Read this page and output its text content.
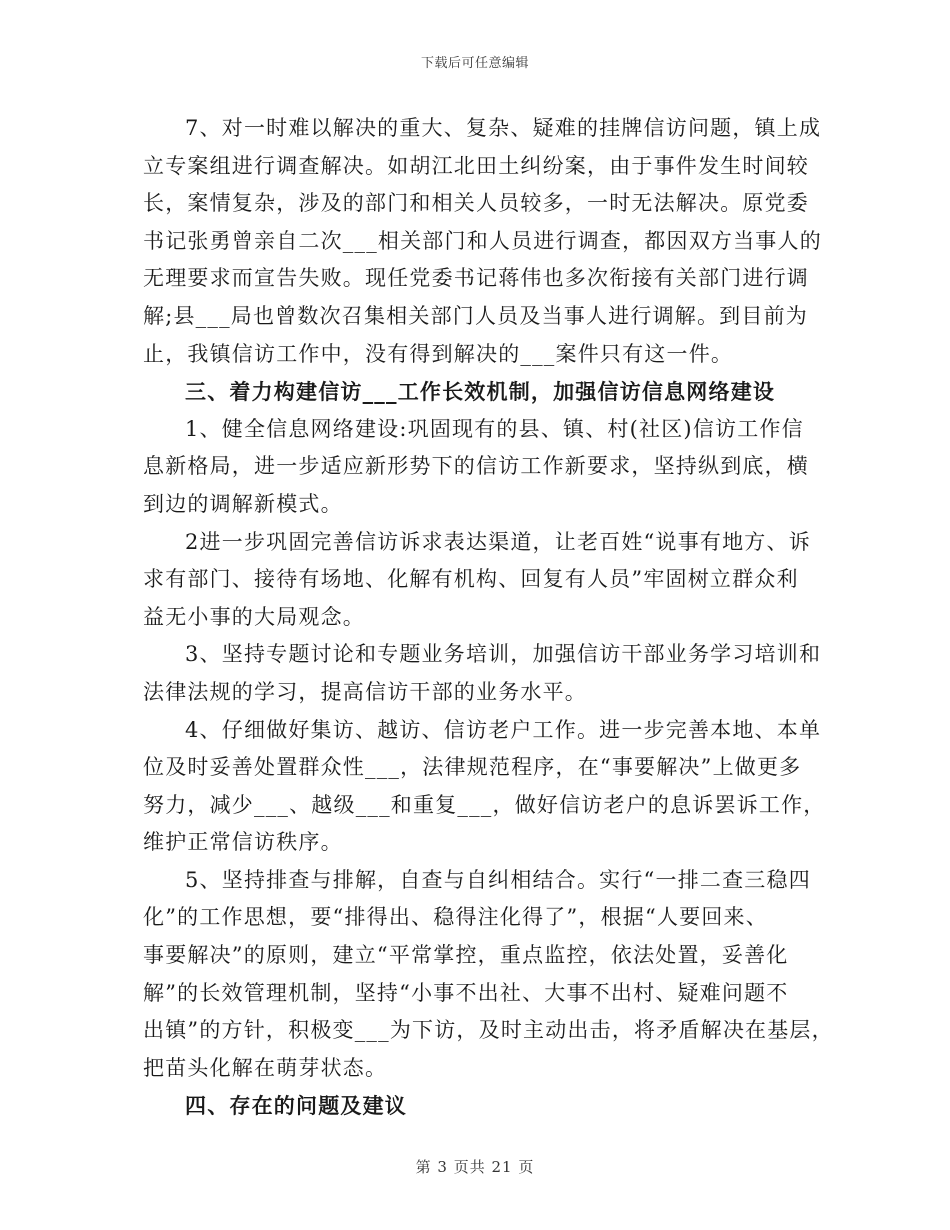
下载后可任意编辑
7、对一时难以解决的重大、复杂、疑难的挂牌信访问题，镇上成
立专案组进行调查解决。如胡江北田土纠纷案，由于事件发生时间较
长，案情复杂，涉及的部门和相关人员较多，一时无法解决。原党委
书记张勇曾亲自二次___相关部门和人员进行调查，都因双方当事人的
无理要求而宣告失败。现任党委书记蒋伟也多次衔接有关部门进行调
解;县___局也曾数次召集相关部门人员及当事人进行调解。到目前为
止，我镇信访工作中，没有得到解决的___案件只有这一件。
三、着力构建信访___工作长效机制，加强信访信息网络建设
1、健全信息网络建设:巩固现有的县、镇、村(社区)信访工作信
息新格局，进一步适应新形势下的信访工作新要求，坚持纵到底，横
到边的调解新模式。
2进一步巩固完善信访诉求表达渠道，让老百姓“说事有地方、诉
求有部门、接待有场地、化解有机构、回复有人员”牢固树立群众利
益无小事的大局观念。
3、坚持专题讨论和专题业务培训，加强信访干部业务学习培训和
法律法规的学习，提高信访干部的业务水平。
4、仔细做好集访、越访、信访老户工作。进一步完善本地、本单
位及时妥善处置群众性___，法律规范程序，在“事要解决”上做更多
努力，减少___、越级___和重复___，做好信访老户的息诉罢诉工作，
维护正常信访秩序。
5、坚持排查与排解，自查与自纠相结合。实行“一排二查三稳四
化”的工作思想，要“排得出、稳得注化得了”，根据“人要回来、
事要解决”的原则，建立“平常掌控，重点监控，依法处置，妥善化
解”的长效管理机制，坚持“小事不出社、大事不出村、疑难问题不
出镇”的方针，积极变___为下访，及时主动出击，将矛盾解决在基层，
把苗头化解在萌芽状态。
四、存在的问题及建议
第 3 页共 21 页
